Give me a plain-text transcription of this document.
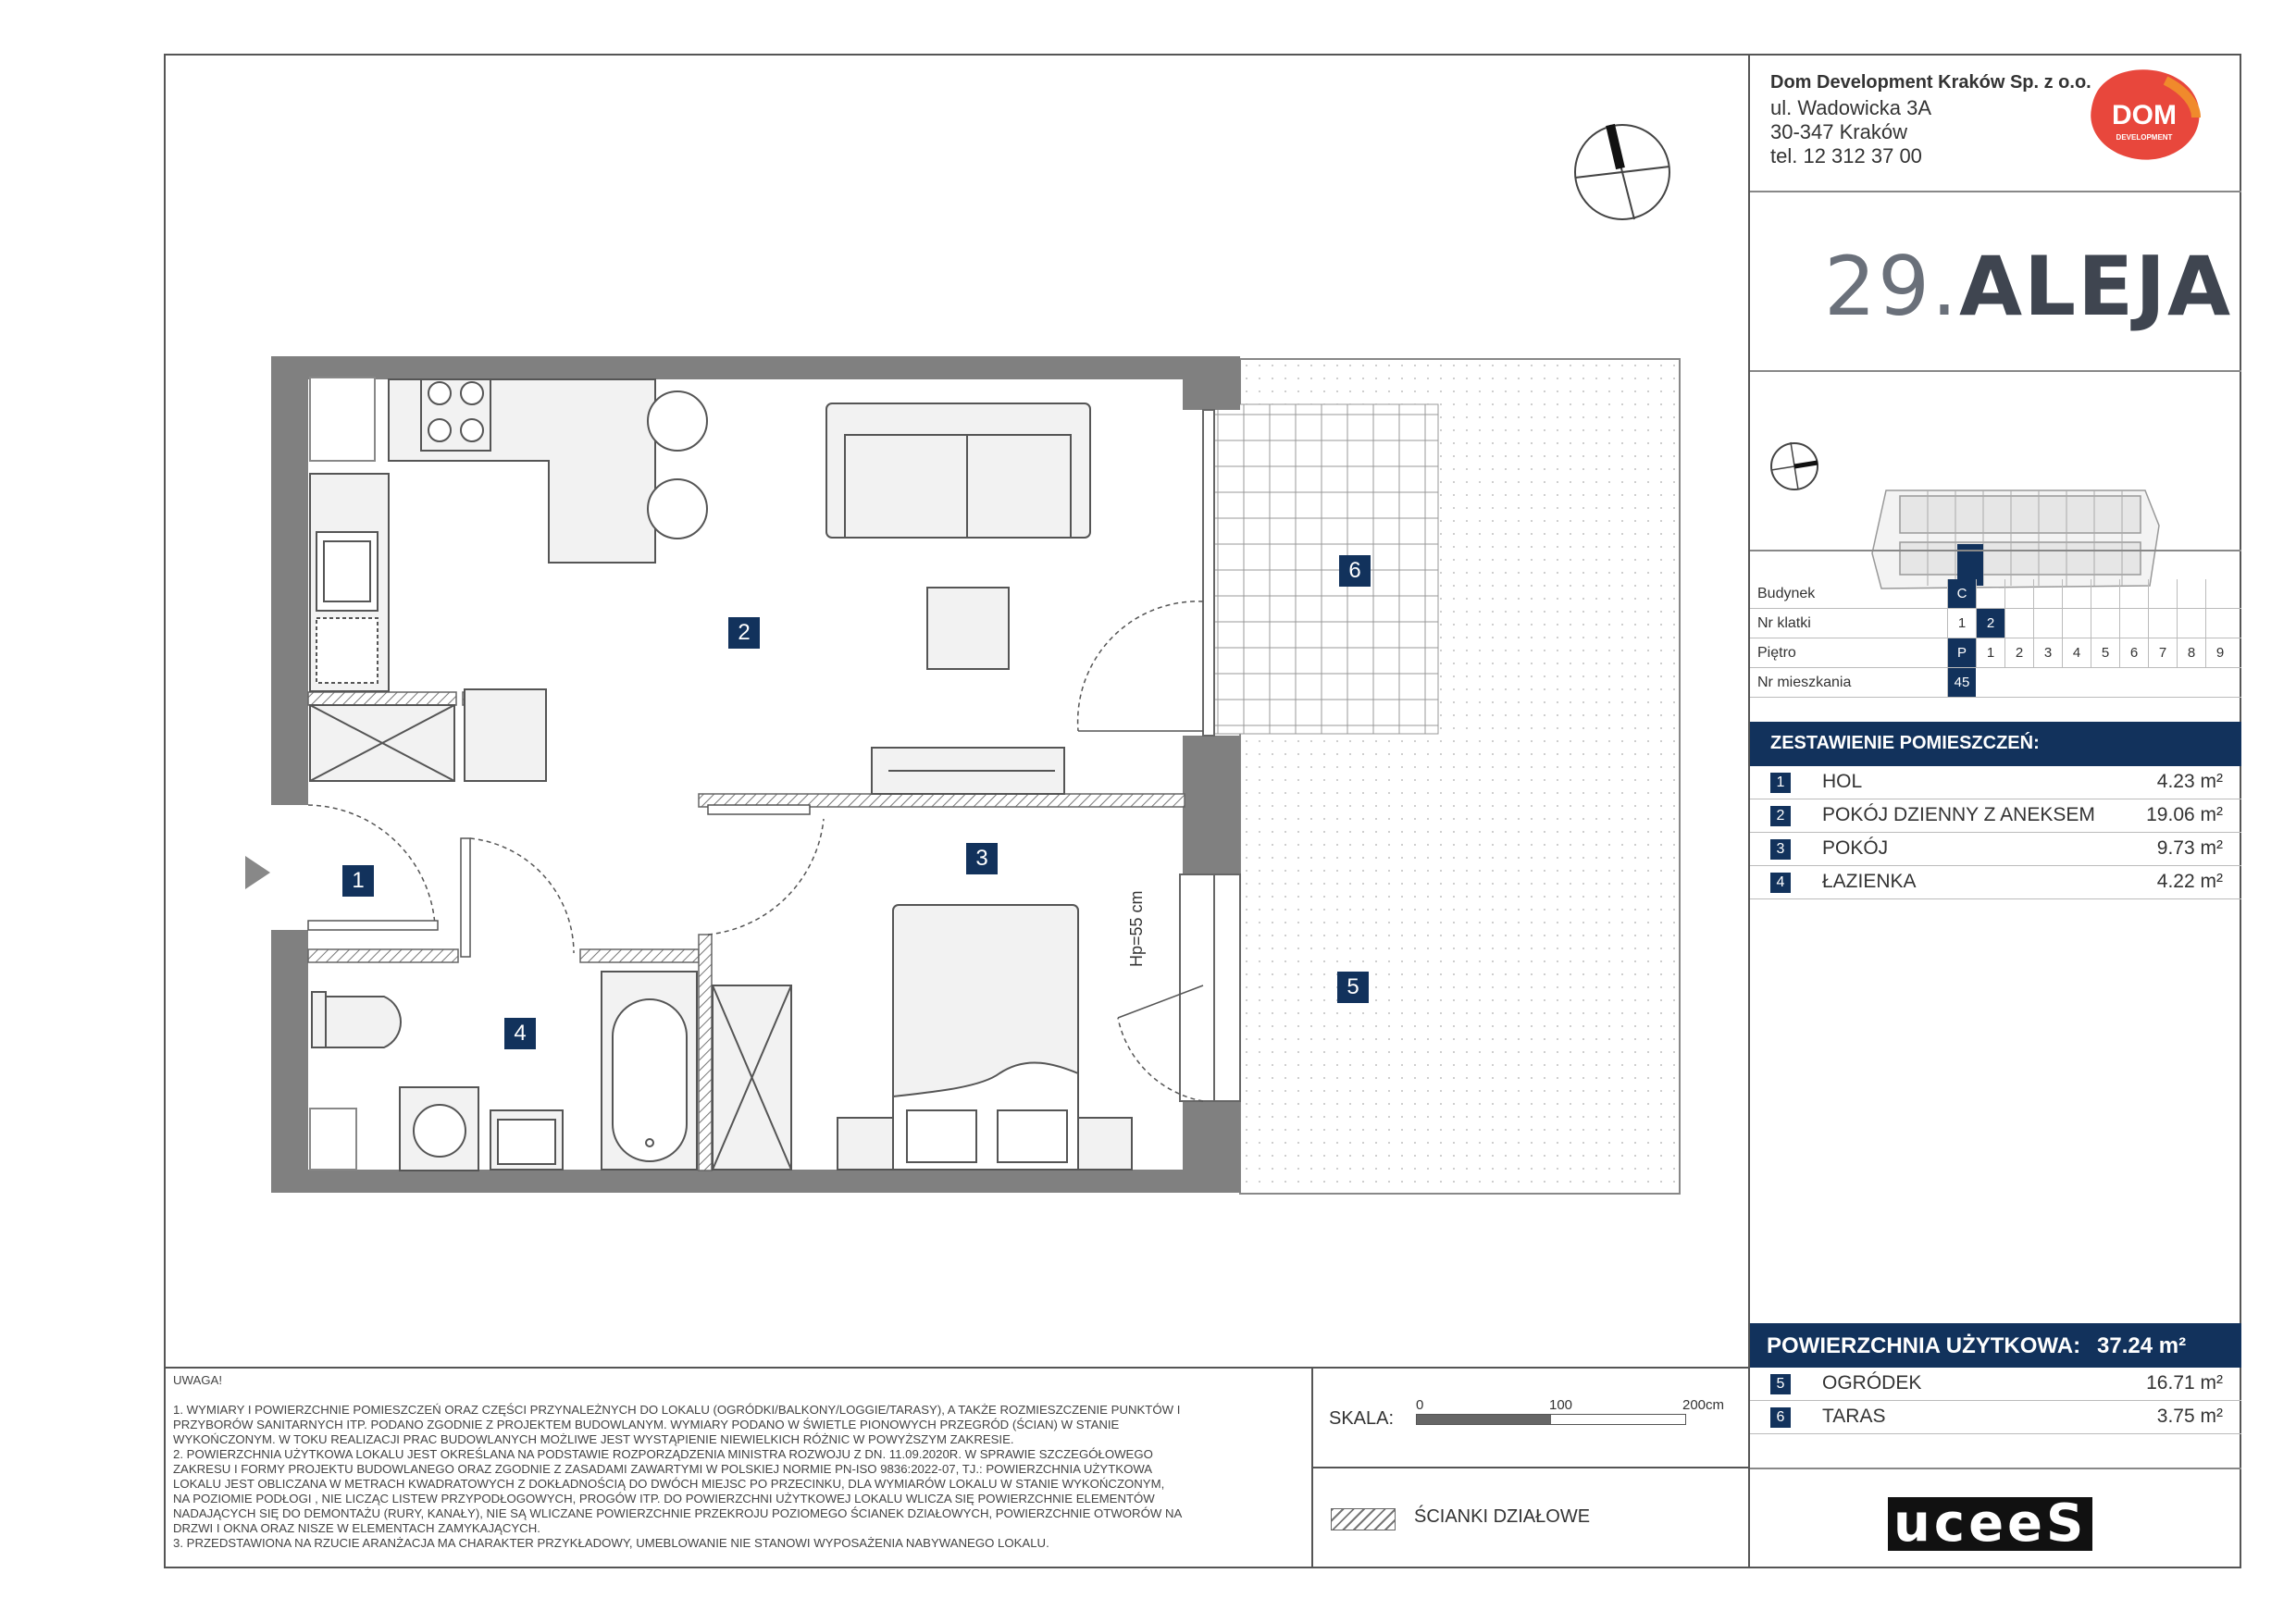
1
2
3
4
5
6
Hp=55 cm
Dom Development Kraków Sp. z o.o.
ul. Wadowicka 3A
30-347 Kraków
tel. 12 312 37 00
DOM
DEVELOPMENT
29.ALEJA
Budynek	C
Nr klatki	1	2
Piętro	P	1	2	3	4	5	6	7	8	9
Nr mieszkania	45
ZESTAWIENIE POMIESZCZEŃ:
1	HOL	4.23 m²
2	POKÓJ DZIENNY Z ANEKSEM	19.06 m²
3	POKÓJ	9.73 m²
4	ŁAZIENKA	4.22 m²
POWIERZCHNIA UŻYTKOWA: 37.24 m²
5	OGRÓDEK	16.71 m²
6	TARAS	3.75 m²

UWAGA!

1. WYMIARY I POWIERZCHNIE POMIESZCZEŃ ORAZ CZĘŚCI PRZYNALEŻNYCH DO LOKALU (OGRÓDKI/BALKONY/LOGGIE/TARASY), A TAKŻE ROZMIESZCZENIE PUNKTÓW I

PRZYBORÓW SANITARNYCH ITP. PODANO ZGODNIE Z PROJEKTEM BUDOWLANYM. WYMIARY PODANO W ŚWIETLE PIONOWYCH PRZEGRÓD (ŚCIAN) W STANIE

WYKOŃCZONYM. W TOKU REALIZACJI PRAC BUDOWLANYCH MOŻLIWE JEST WYSTĄPIENIE NIEWIELKICH RÓŻNIC W POWYŻSZYM ZAKRESIE.

2. POWIERZCHNIA UŻYTKOWA LOKALU JEST OKREŚLANA NA PODSTAWIE ROZPORZĄDZENIA MINISTRA ROZWOJU Z DN. 11.09.2020R. W SPRAWIE SZCZEGÓŁOWEGO

ZAKRESU I FORMY PROJEKTU BUDOWLANEGO ORAZ ZGODNIE Z ZASADAMI ZAWARTYMI W POLSKIEJ NORMIE PN-ISO 9836:2022-07, TJ.: POWIERZCHNIA UŻYTKOWA

LOKALU JEST OBLICZANA W METRACH KWADRATOWYCH Z DOKŁADNOŚCIĄ DO DWÓCH MIEJSC PO PRZECINKU, DLA WYMIARÓW LOKALU W STANIE WYKOŃCZONYM,

NA POZIOMIE PODŁOGI , NIE LICZĄC LISTEW PRZYPODŁOGOWYCH, PROGÓW ITP. DO POWIERZCHNI UŻYTKOWEJ LOKALU WLICZA SIĘ POWIERZCHNIE ELEMENTÓW

NADAJĄCYCH SIĘ DO DEMONTAŻU (RURY, KANAŁY), NIE SĄ WLICZANE POWIERZCHNIE PRZEKROJU POZIOMEGO ŚCIANEK DZIAŁOWYCH, POWIERZCHNIE OTWORÓW NA

DRZWI I OKNA ORAZ NISZE W ELEMENTACH ZAMYKAJĄCYCH.

3. PRZEDSTAWIONA NA RZUCIE ARANŻACJA MA CHARAKTER PRZYKŁADOWY, UMEBLOWANIE NIE STANOWI WYPOSAŻENIA NABYWANEGO LOKALU.

SKALA:
0	100	200cm
ŚCIANKI DZIAŁOWE	uceeS
